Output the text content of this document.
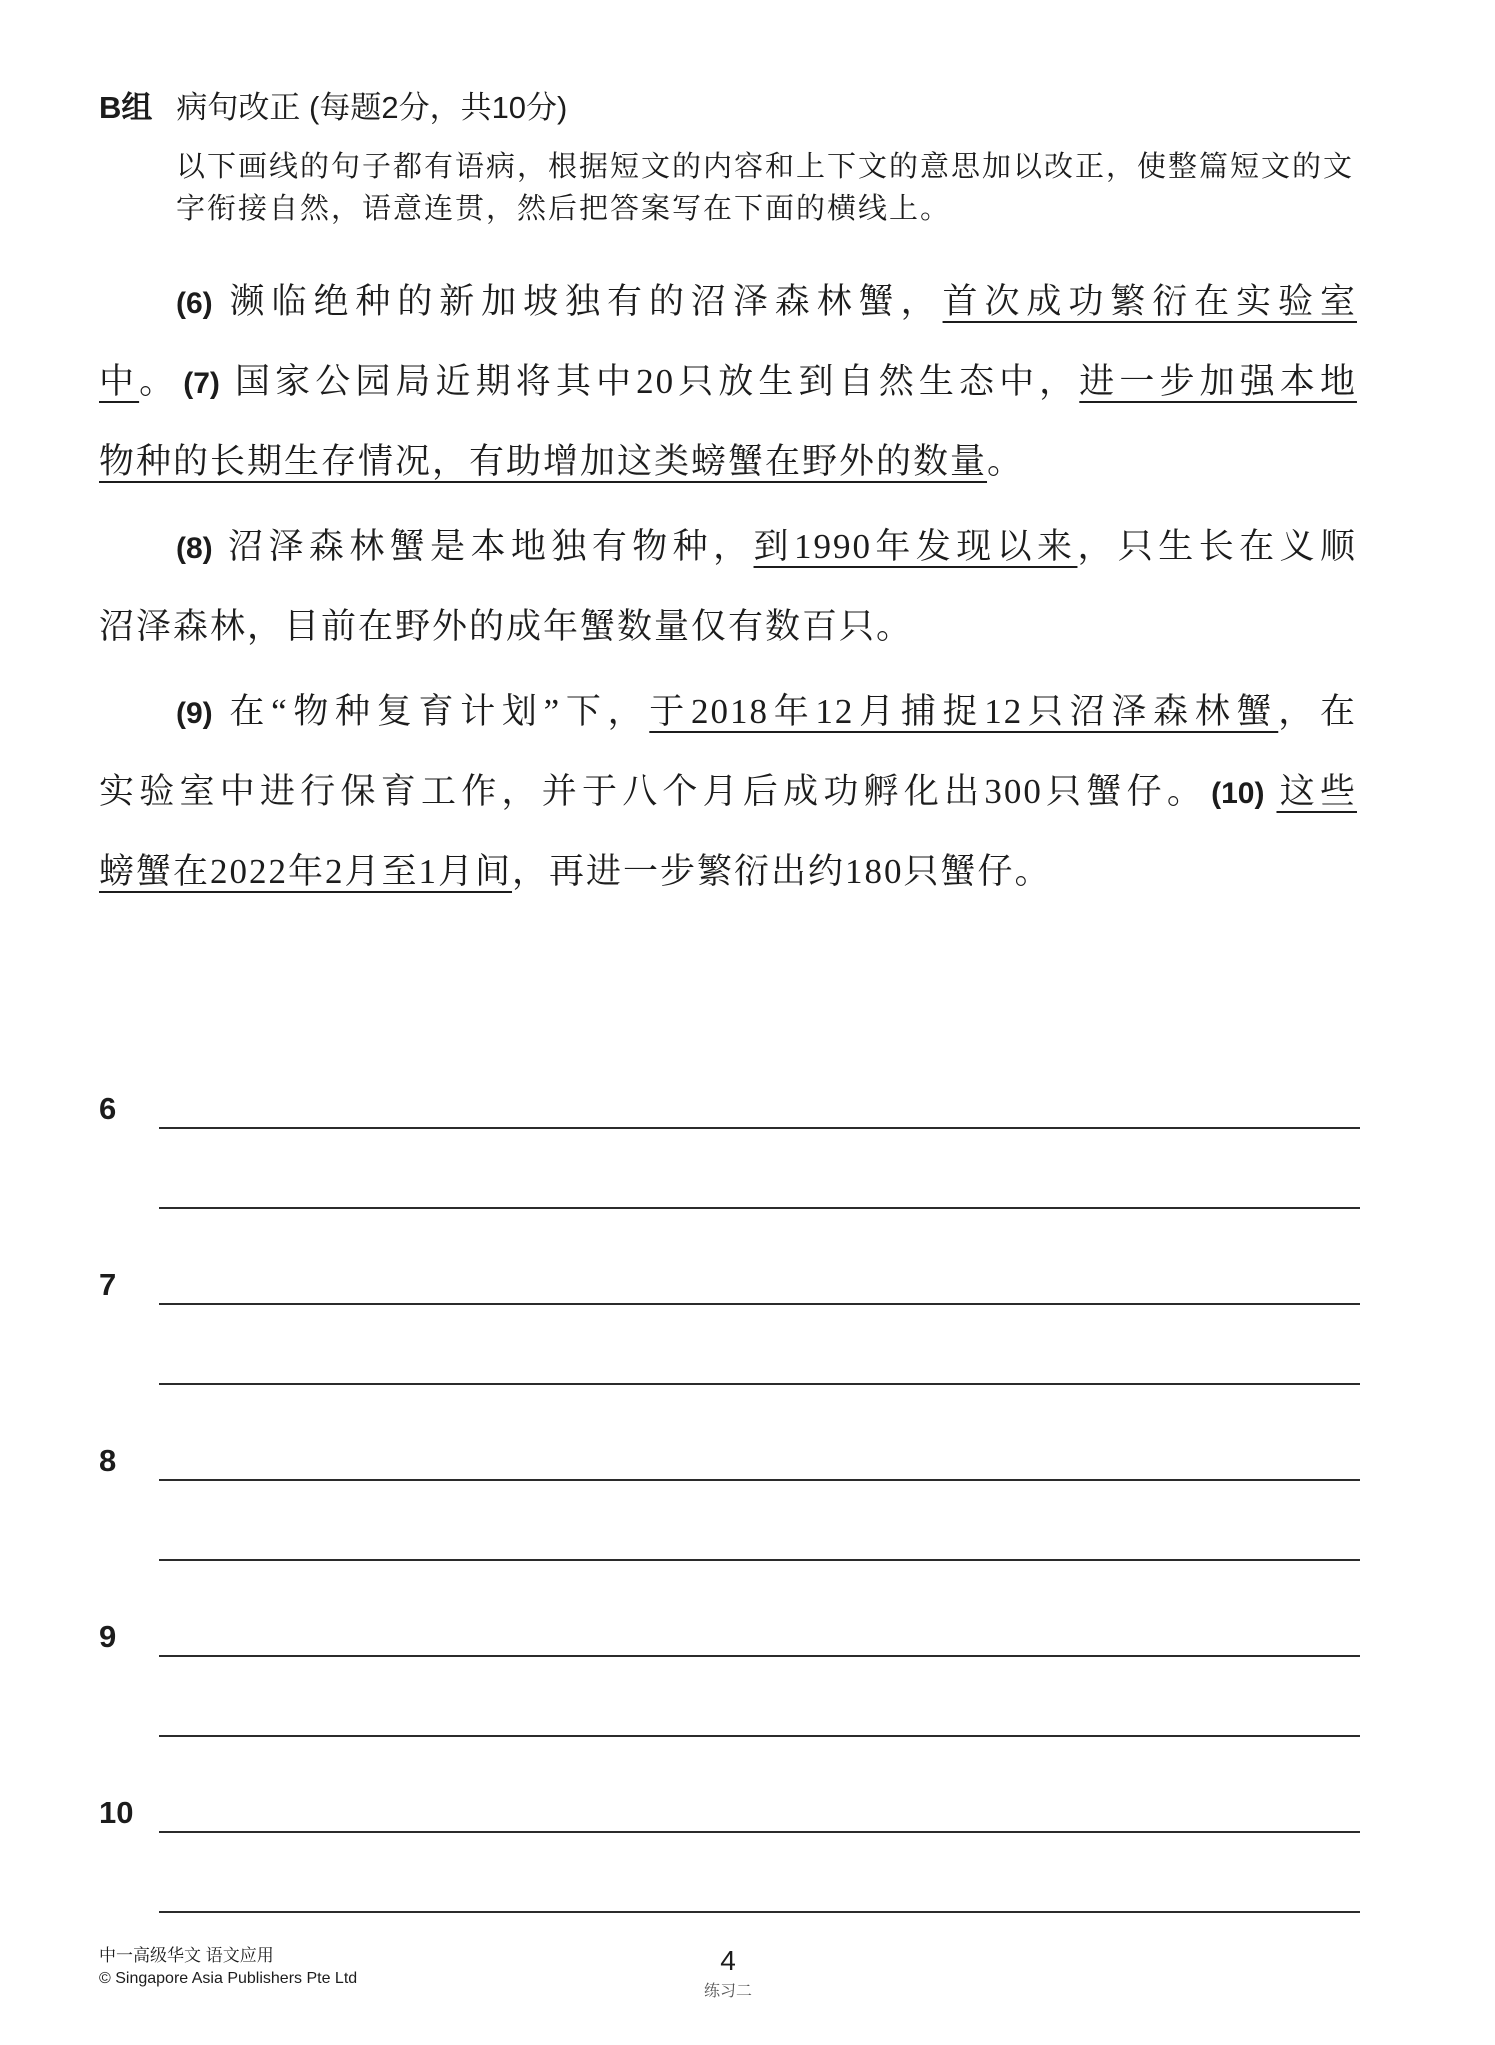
B组 病句改正 (每题2分，共10分)
以下画线的句子都有语病，根据短文的内容和上下文的意思加以改正，使整篇短文的文
字衔接自然，语意连贯，然后把答案写在下面的横线上。
(6) 濒临绝种的新加坡独有的沼泽森林蟹，首次成功繁衍在实验室
中。 (7) 国家公园局近期将其中20只放生到自然生态中，进一步加强本地
物种的长期生存情况，有助增加这类螃蟹在野外的数量。
(8) 沼泽森林蟹是本地独有物种，到1990年发现以来，只生长在义顺
沼泽森林，目前在野外的成年蟹数量仅有数百只。
(9) 在“物种复育计划”下，于2018年12月捕捉12只沼泽森林蟹，在
实验室中进行保育工作，并于八个月后成功孵化出300只蟹仔。 (10) 这些
螃蟹在2022年2月至1月间，再进一步繁衍出约180只蟹仔。
6
7
8
9
10
中一高级华文 语文应用
© Singapore Asia Publishers Pte Ltd
4
练习二
